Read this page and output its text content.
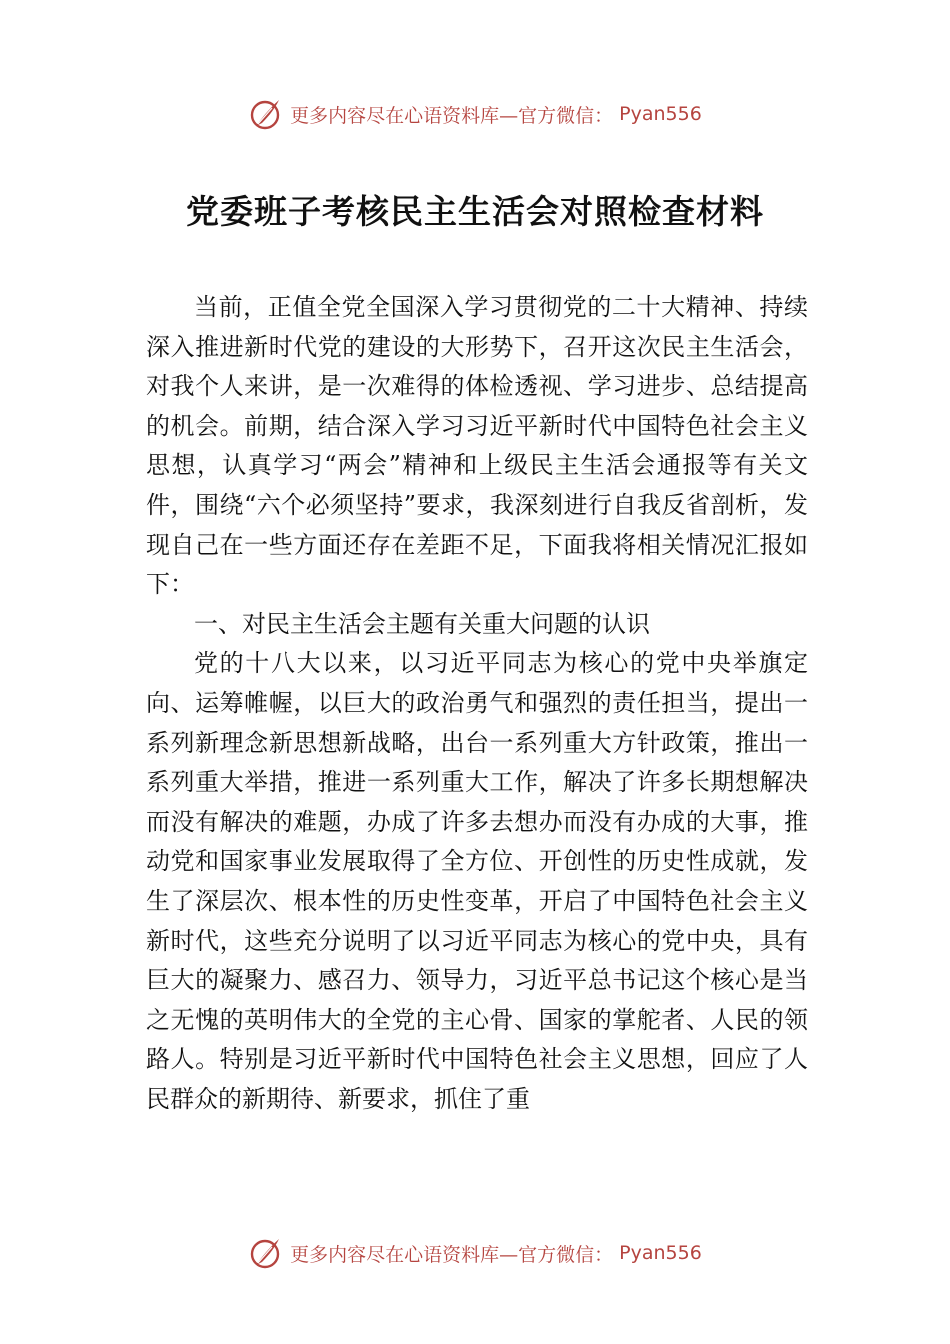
更多内容尽在心语资料库—官方微信： Pyan556
党委班子考核民主生活会对照检查材料

当前，正值全党全国深入学习贯彻党的二十大精神、持续深入推进新时代党的建设的大形势下，召开这次民主生活会，对我个人来讲，是一次难得的体检透视、学习进步、总结提高的机会。前期，结合深入学习习近平新时代中国特色社会主义思想，认真学习“两会”精神和上级民主生活会通报等有关文件，围绕“六个必须坚持”要求，我深刻进行自我反省剖析，发现自己在一些方面还存在差距不足，下面我将相关情况汇报如下：

一、对民主生活会主题有关重大问题的认识

党的十八大以来，以习近平同志为核心的党中央举旗定向、运筹帷幄，以巨大的政治勇气和强烈的责任担当，提出一系列新理念新思想新战略，出台一系列重大方针政策，推出一系列重大举措，推进一系列重大工作，解决了许多长期想解决而没有解决的难题，办成了许多去想办而没有办成的大事，推动党和国家事业发展取得了全方位、开创性的历史性成就，发生了深层次、根本性的历史性变革，开启了中国特色社会主义新时代，这些充分说明了以习近平同志为核心的党中央，具有巨大的凝聚力、感召力、领导力，习近平总书记这个核心是当之无愧的英明伟大的全党的主心骨、国家的掌舵者、人民的领路人。特别是习近平新时代中国特色社会主义思想，回应了人民群众的新期待、新要求，抓住了重

更多内容尽在心语资料库—官方微信： Pyan556
